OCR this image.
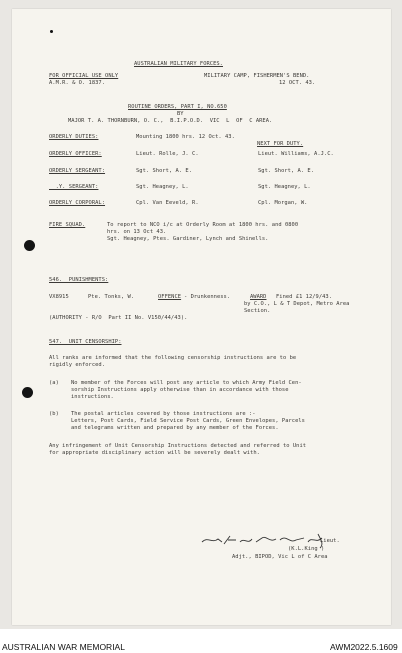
AUSTRALIAN MILITARY FORCES.
FOR OFFICIAL USE ONLY
A.M.R. & O. 1837.
MILITARY CAMP, FISHERMEN'S BEND.
12 OCT. 43.
ROUTINE ORDERS, PART I, NO.650
BY
MAJOR T. A. THORNBURN, O. C.,  B.I.P.O.D.  VIC  L  OF  C AREA.
NEXT FOR DUTY.
ORDERLY DUTIES:	Mounting 1800 hrs. 12 Oct. 43.
ORDERLY OFFICER:	Lieut. Rolle, J. C.	Lieut. Williams, A.J.C.
ORDERLY SERGEANT:	Sgt. Short, A. E.	Sgt. Short, A. E.
.Y. SERGEANT:	Sgt. Heagney, L.	Sgt. Heagney, L.
ORDERLY CORPORAL:	Cpl. Van Eeveld, R.	Cpl. Morgan, W.
FIRE SQUAD.	To report to NCO i/c at Orderly Room at 1800 hrs. and 0800
hrs. on 13 Oct 43.
Sgt. Heagney, Ptes. Gardiner, Lynch and Shinells.
546.  PUNISHMENTS:
VX8915	Pte. Tonks, W.	OFFENCE - Drunkenness.	AWARD Fined £1 12/9/43.
by C.O., L & T Depot, Metro Area
Section.
(AUTHORITY - R/O  Part II No. V150/44/43).
547.  UNIT CENSORSHIP:
All ranks are informed that the following censorship instructions are to be
rigidly enforced.
(a) No member of the Forces will post any article to which Army Field Cen-
sorship Instructions apply otherwise than in accordance with those
instructions.
(b) The postal articles covered by those instructions are :-
Letters, Post Cards, Field Service Post Cards, Green Envelopes, Parcels
and telegrams written and prepared by any member of the Forces.
Any infringement of Unit Censorship Instructions detected and referred to Unit
for appropriate disciplinary action will be severely dealt with.
Lieut.
(K.L.King )
Adjt., BIPOD, Vic L of C Area
AUSTRALIAN WAR MEMORIAL	AWM2022.5.1609
